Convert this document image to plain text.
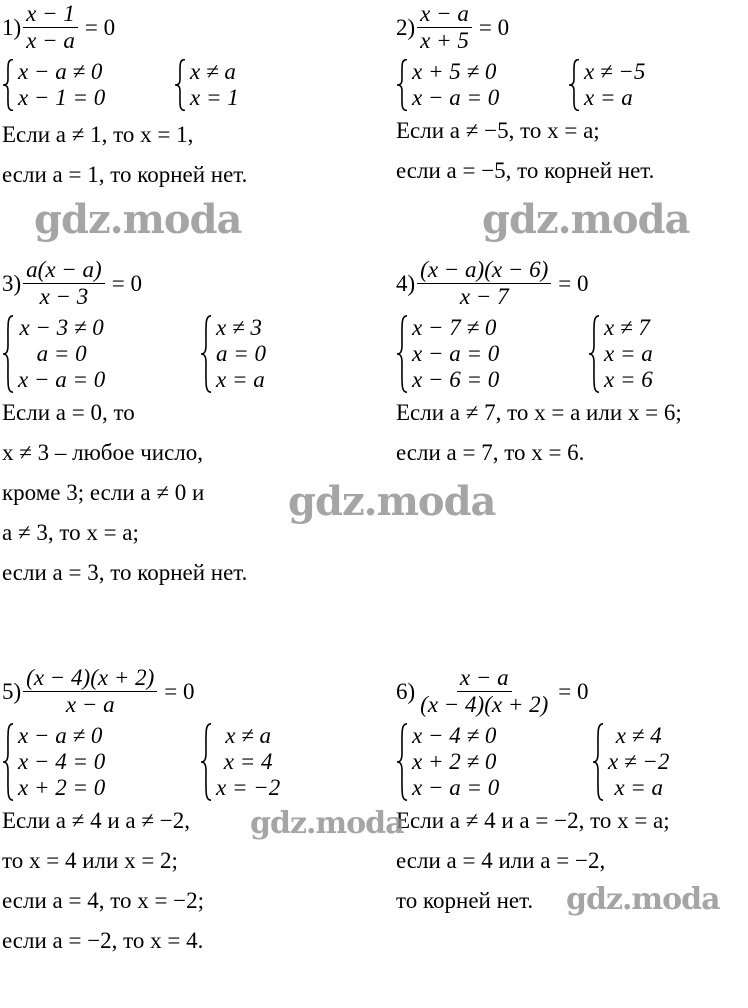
$1) \frac{x - 1}{x - a} = 0$
x − a ≠ 0
x − 1 = 0
x ≠ a
x = 1
Если a ≠ 1, то x = 1,
если a = 1, то корней нет.
$2) \frac{x - a}{x + 5} = 0$
x + 5 ≠ 0
x − a = 0
x ≠ −5
x = a
Если a ≠ −5, то x = a;
если a = −5, то корней нет.
$3) \frac{a(x - a)}{x - 3} = 0$
x − 3 ≠ 0
a = 0
x − a = 0
x ≠ 3
a = 0
x = a
Если a = 0, то
x ≠ 3 – любое число,
кроме 3; если a ≠ 0 и
a ≠ 3, то x = a;
если a = 3, то корней нет.
$4) \frac{(x - a)(x - 6)}{x - 7} = 0$
x − 7 ≠ 0
x − a = 0
x − 6 = 0
x ≠ 7
x = a
x = 6
Если a ≠ 7, то x = a или x = 6;
если a = 7, то x = 6.
$5) \frac{(x - 4)(x + 2)}{x - a} = 0$
x − a ≠ 0
x − 4 = 0
x + 2 = 0
x ≠ a
x = 4
x = −2
Если a ≠ 4 и a ≠ −2,
то x = 4 или x = 2;
если a = 4, то x = −2;
если a = −2, то x = 4.
$6) \frac{x - a}{(x - 4)(x + 2)} = 0$
x − 4 ≠ 0
x + 2 ≠ 0
x − a = 0
x ≠ 4
x ≠ −2
x = a
Если a ≠ 4 и a = −2, то x = a;
если a = 4 или a = −2,
то корней нет.
gdz.moda	gdz.moda
gdz.moda
gdz.moda
gdz.moda
